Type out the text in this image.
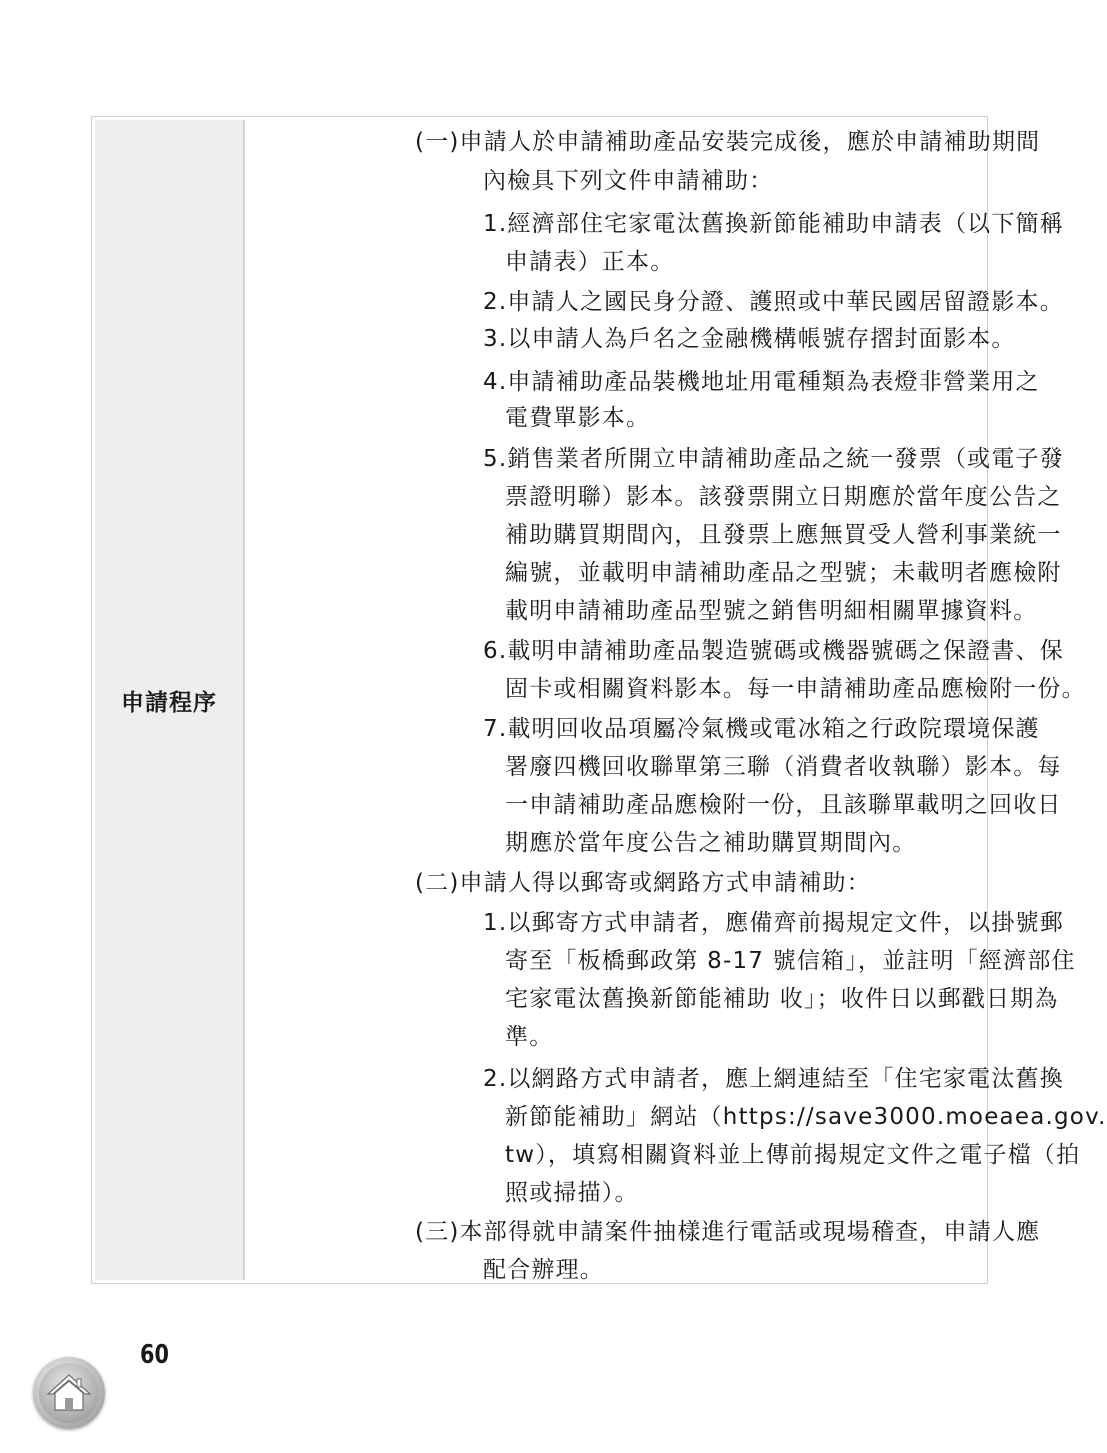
申請程序
(一)申請人於申請補助產品安裝完成後，應於申請補助期間
內檢具下列文件申請補助：
1.經濟部住宅家電汰舊換新節能補助申請表（以下簡稱
申請表）正本。
2.申請人之國民身分證、護照或中華民國居留證影本。
3.以申請人為戶名之金融機構帳號存摺封面影本。
4.申請補助產品裝機地址用電種類為表燈非營業用之
電費單影本。
5.銷售業者所開立申請補助產品之統一發票（或電子發
票證明聯）影本。該發票開立日期應於當年度公告之
補助購買期間內，且發票上應無買受人營利事業統一
編號，並載明申請補助產品之型號；未載明者應檢附
載明申請補助產品型號之銷售明細相關單據資料。
6.載明申請補助產品製造號碼或機器號碼之保證書、保
固卡或相關資料影本。每一申請補助產品應檢附一份。
7.載明回收品項屬冷氣機或電冰箱之行政院環境保護
署廢四機回收聯單第三聯（消費者收執聯）影本。每
一申請補助產品應檢附一份，且該聯單載明之回收日
期應於當年度公告之補助購買期間內。
(二)申請人得以郵寄或網路方式申請補助：
1.以郵寄方式申請者，應備齊前揭規定文件，以掛號郵
寄至「板橋郵政第 8-17 號信箱」，並註明「經濟部住
宅家電汰舊換新節能補助 收」；收件日以郵戳日期為
準。
2.以網路方式申請者，應上網連結至「住宅家電汰舊換
新節能補助」網站（https://save3000.moeaea.gov.
tw），填寫相關資料並上傳前揭規定文件之電子檔（拍
照或掃描）。
(三)本部得就申請案件抽樣進行電話或現場稽查，申請人應
配合辦理。
60
